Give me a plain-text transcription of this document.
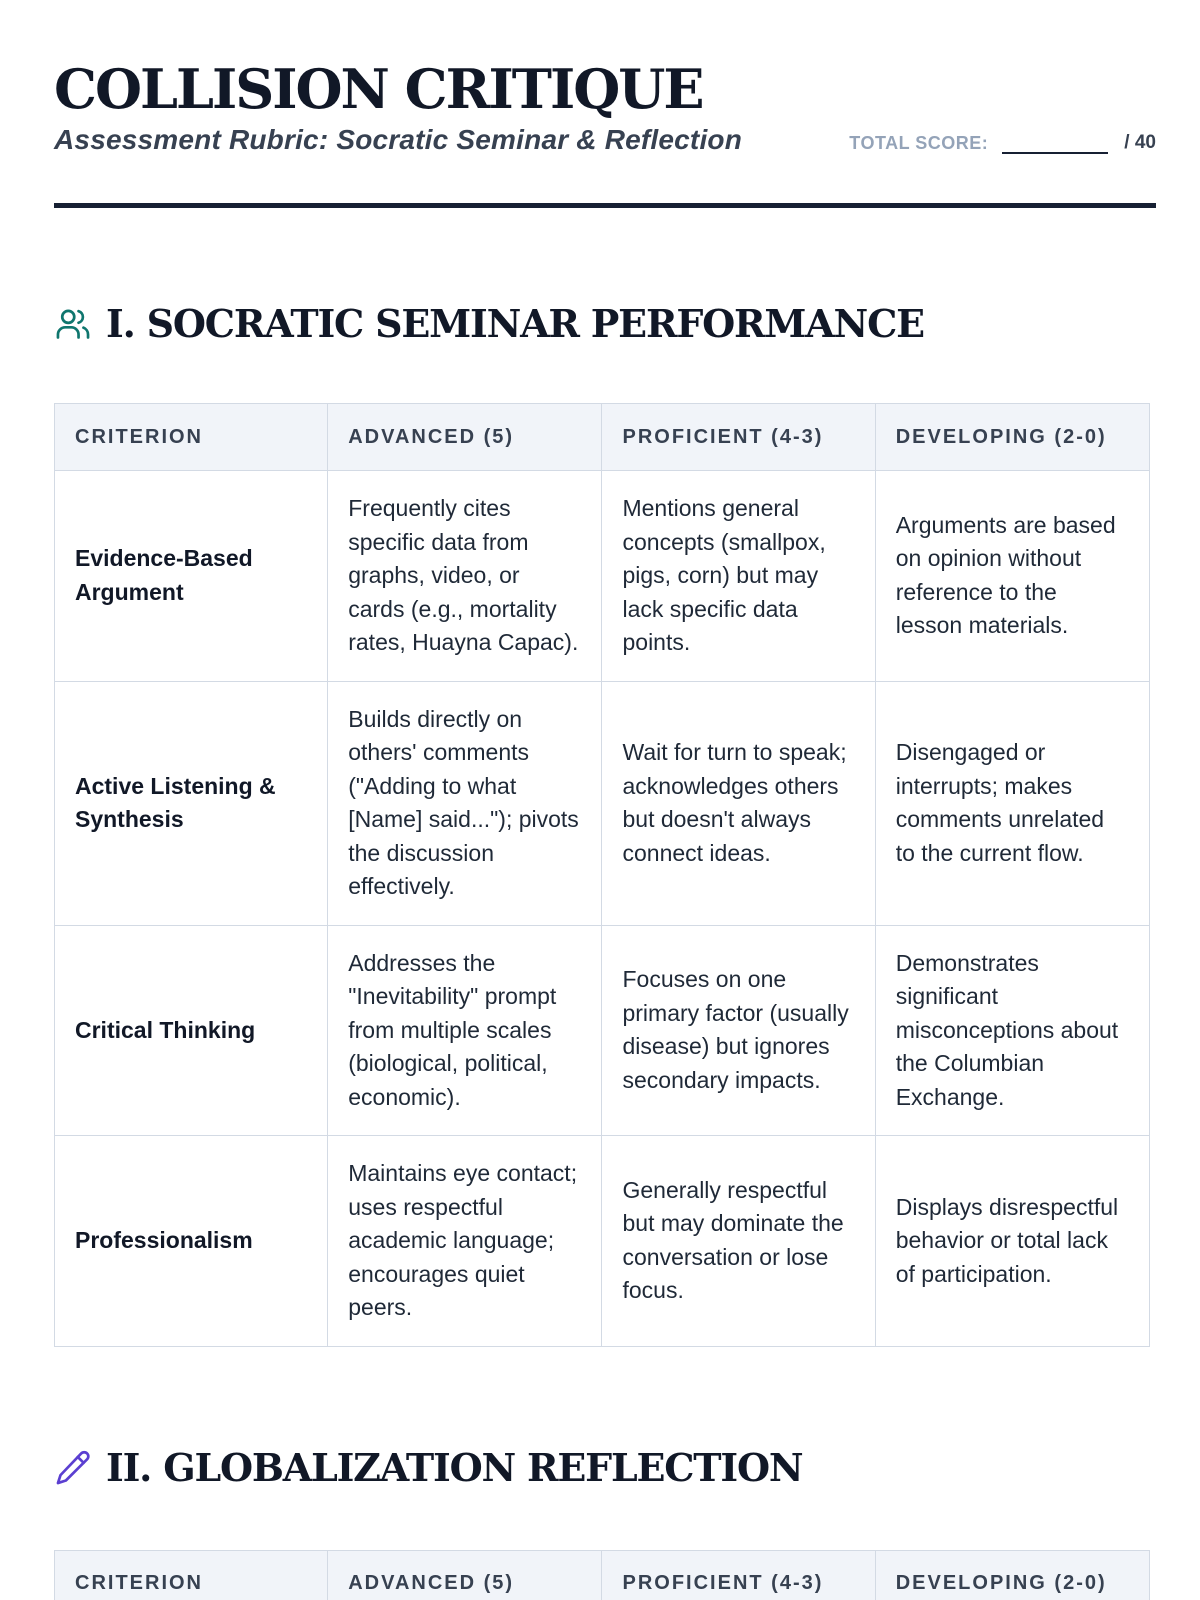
COLLISION CRITIQUE
Assessment Rubric: Socratic Seminar & Reflection	TOTAL SCORE:	/ 40
I. SOCRATIC SEMINAR PERFORMANCE
CRITERION	ADVANCED (5)	PROFICIENT (4-3)	DEVELOPING (2-0)
Evidence-Based Argument	Frequently cites specific data from graphs, video, or cards (e.g., mortality rates, Huayna Capac).	Mentions general concepts (smallpox, pigs, corn) but may lack specific data points.	Arguments are based on opinion without reference to the lesson materials.
Active Listening & Synthesis	Builds directly on others' comments ("Adding to what [Name] said..."); pivots the discussion effectively.	Wait for turn to speak; acknowledges others but doesn't always connect ideas.	Disengaged or interrupts; makes comments unrelated to the current flow.
Critical Thinking	Addresses the "Inevitability" prompt from multiple scales (biological, political, economic).	Focuses on one primary factor (usually disease) but ignores secondary impacts.	Demonstrates significant misconceptions about the Columbian Exchange.
Professionalism	Maintains eye contact; uses respectful academic language; encourages quiet peers.	Generally respectful but may dominate the conversation or lose focus.	Displays disrespectful behavior or total lack of participation.
II. GLOBALIZATION REFLECTION
CRITERION	ADVANCED (5)	PROFICIENT (4-3)	DEVELOPING (2-0)
